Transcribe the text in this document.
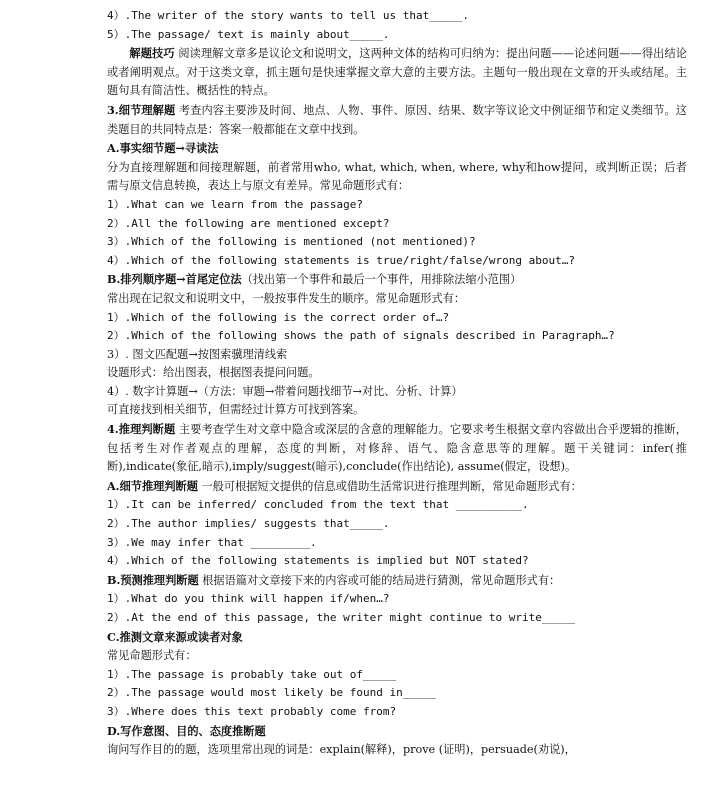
4）.The writer of the story wants to tell us that_____.
5）.The passage/ text is mainly about_____.
解题技巧 阅读理解文章多是议论文和说明文，这两种文体的结构可归纳为：提出问题——论述问题——得出结论或者阐明观点。对于这类文章，抓主题句是快速掌握文章大意的主要方法。主题句一般出现在文章的开头或结尾。主题句具有简洁性、概括性的特点。
3.细节理解题 考查内容主要涉及时间、地点、人物、事件、原因、结果、数字等议论文中例证细节和定义类细节。这类题目的共同特点是：答案一般都能在文章中找到。
A.事实细节题→寻读法
分为直接理解题和间接理解题，前者常用who, what, which, when, where, why和how提问，或判断正误；后者需与原文信息转换，表达上与原文有差异。常见命题形式有：
1）.What can we learn from the passage?
2）.All the following are mentioned except?
3）.Which of the following is mentioned (not mentioned)?
4）.Which of the following statements is true/right/false/wrong about…?
B.排列顺序题→首尾定位法（找出第一个事件和最后一个事件，用排除法缩小范围）
常出现在记叙文和说明文中，一般按事件发生的顺序。常见命题形式有：
1）.Which of the following is the correct order of…?
2）.Which of the following shows the path of signals described in Paragraph…?
3）. 图文匹配题→按图索骥理清线索
设题形式：给出图表，根据图表提问问题。
4）. 数字计算题→（方法：审题→带着问题找细节→对比、分析、计算）
可直接找到相关细节，但需经过计算方可找到答案。
4.推理判断题 主要考查学生对文章中隐含或深层的含意的理解能力。它要求考生根据文章内容做出合乎逻辑的推断，包括考生对作者观点的理解，态度的判断，对修辞、语气、隐含意思等的理解。题干关键词：infer(推断),indicate(象征,暗示),imply/suggest(暗示),conclude(作出结论), assume(假定，设想)。
A.细节推理判断题 一般可根据短文提供的信息或借助生活常识进行推理判断，常见命题形式有：
1）.It can be inferred/ concluded from the text that __________.
2）.The author implies/ suggests that_____.
3）.We may infer that _________.
4）.Which of the following statements is implied but NOT stated?
B.预测推理判断题 根据语篇对文章接下来的内容或可能的结局进行猜测，常见命题形式有：
1）.What do you think will happen if/when…?
2）.At the end of this passage, the writer might continue to write_____
C.推测文章来源或读者对象
常见命题形式有：
1）.The passage is probably take out of_____
2）.The passage would most likely be found in_____
3）.Where does this text probably come from?
D.写作意图、目的、态度推断题
询问写作目的的题，选项里常出现的词是：explain(解释)，prove (证明)，persuade(劝说)，
